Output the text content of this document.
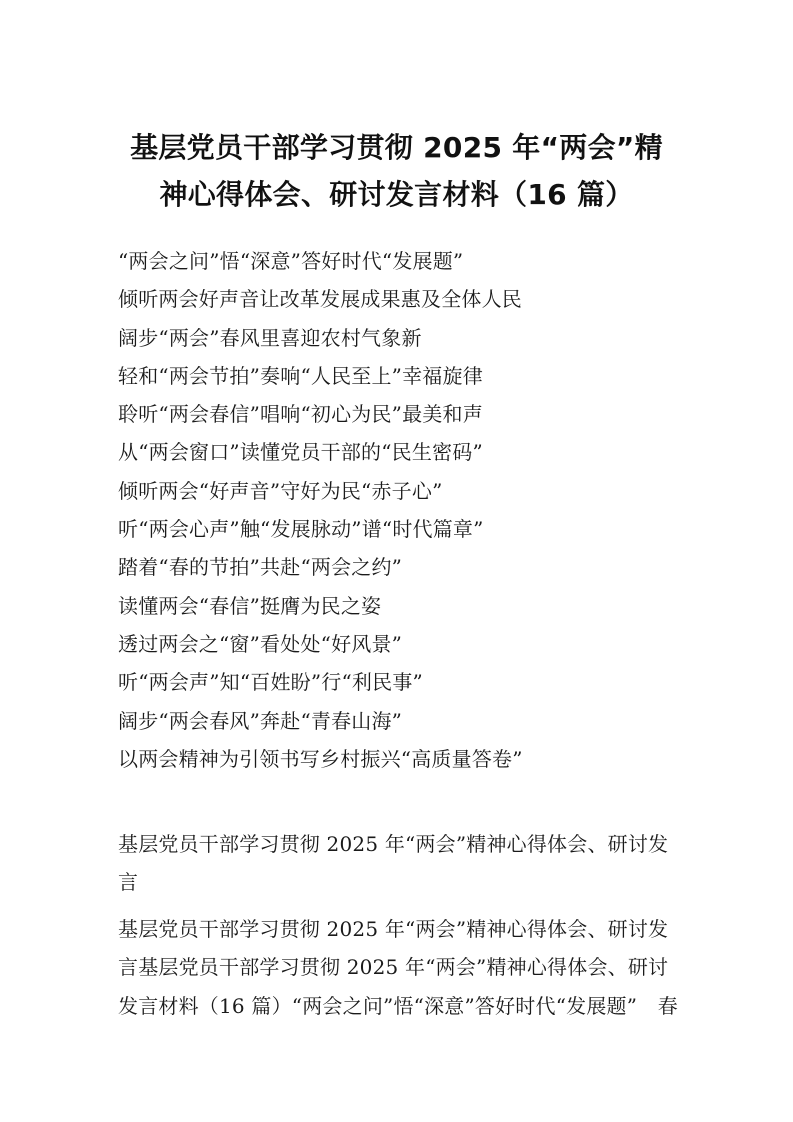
基层党员干部学习贯彻 2025 年“两会”精
神心得体会、研讨发言材料（16 篇）
“两会之问”悟“深意”答好时代“发展题”
倾听两会好声音让改革发展成果惠及全体人民
阔步“两会”春风里喜迎农村气象新
轻和“两会节拍”奏响“人民至上”幸福旋律
聆听“两会春信”唱响“初心为民”最美和声
从“两会窗口”读懂党员干部的“民生密码”
倾听两会“好声音”守好为民“赤子心”
听“两会心声”触“发展脉动”谱“时代篇章”
踏着“春的节拍”共赴“两会之约”
读懂两会“春信”挺膺为民之姿
透过两会之“窗”看处处“好风景”
听“两会声”知“百姓盼”行“利民事”
阔步“两会春风”奔赴“青春山海”
以两会精神为引领书写乡村振兴“高质量答卷”

基层党员干部学习贯彻 2025 年“两会”精神心得体会、研讨发
言

基层党员干部学习贯彻 2025 年“两会”精神心得体会、研讨发
言基层党员干部学习贯彻 2025 年“两会”精神心得体会、研讨
发言材料（16 篇）“两会之问”悟“深意”答好时代“发展题” 春
